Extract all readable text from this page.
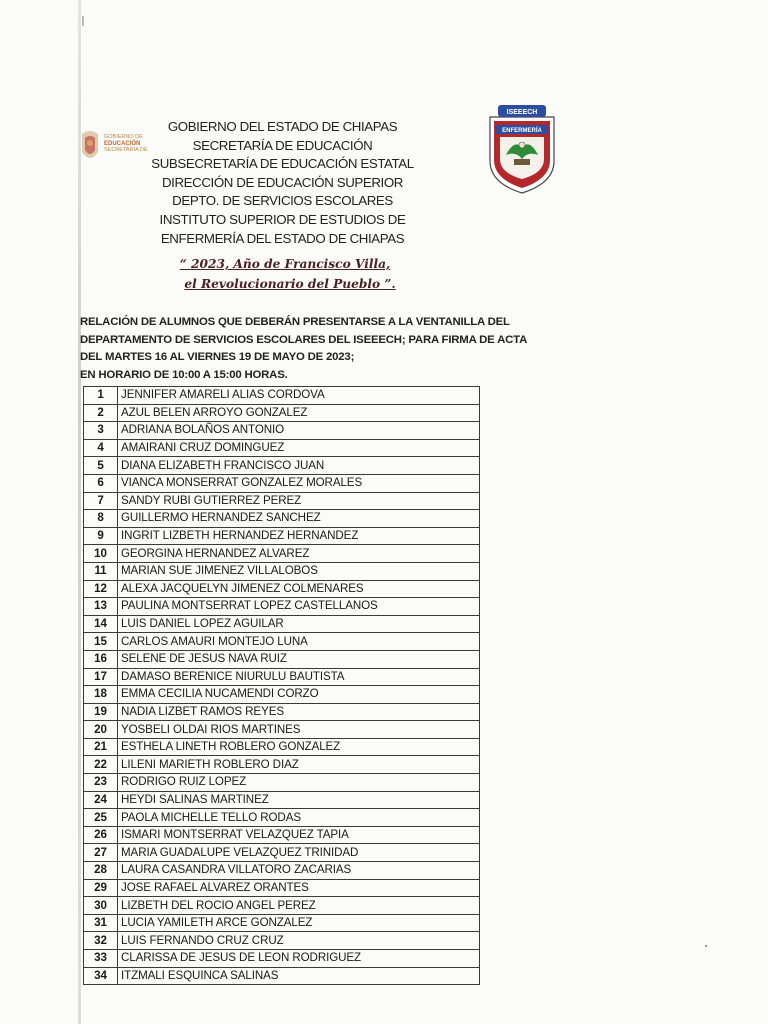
GOBIERNO DE
EDUCACIÓN
SECRETARÍA DE
GOBIERNO DEL ESTADO DE CHIAPAS
SECRETARÍA DE EDUCACIÓN
SUBSECRETARÍA DE EDUCACIÓN ESTATAL
DIRECCIÓN DE EDUCACIÓN SUPERIOR
DEPTO. DE SERVICIOS ESCOLARES
INSTITUTO SUPERIOR DE ESTUDIOS DE
ENFERMERÍA DEL ESTADO DE CHIAPAS
“ 2023, Año de Francisco Villa,
el Revolucionario del Pueblo ”.
ISEEECH
ENFERMERÍA
RELACIÓN DE ALUMNOS QUE DEBERÁN PRESENTARSE A LA VENTANILLA DEL
DEPARTAMENTO DE SERVICIOS ESCOLARES DEL ISEEECH; PARA FIRMA DE ACTA
DEL MARTES 16 AL VIERNES 19 DE MAYO DE 2023;
EN HORARIO DE 10:00 A 15:00 HORAS.
1	JENNIFER AMARELI ALIAS CORDOVA
2	AZUL BELEN ARROYO GONZALEZ
3	ADRIANA BOLAÑOS ANTONIO
4	AMAIRANI CRUZ DOMINGUEZ
5	DIANA ELIZABETH FRANCISCO JUAN
6	VIANCA MONSERRAT GONZALEZ MORALES
7	SANDY RUBI GUTIERREZ PEREZ
8	GUILLERMO HERNANDEZ SANCHEZ
9	INGRIT LIZBETH HERNANDEZ HERNANDEZ
10	GEORGINA HERNANDEZ ALVAREZ
11	MARIAN SUE JIMENEZ VILLALOBOS
12	ALEXA JACQUELYN JIMENEZ COLMENARES
13	PAULINA MONTSERRAT LOPEZ CASTELLANOS
14	LUIS DANIEL LOPEZ AGUILAR
15	CARLOS AMAURI MONTEJO LUNA
16	SELENE DE JESUS NAVA RUIZ
17	DAMASO BERENICE NIURULU BAUTISTA
18	EMMA CECILIA NUCAMENDI CORZO
19	NADIA LIZBET RAMOS REYES
20	YOSBELI OLDAI RIOS MARTINES
21	ESTHELA LINETH ROBLERO GONZALEZ
22	LILENI MARIETH ROBLERO DIAZ
23	RODRIGO RUIZ LOPEZ
24	HEYDI SALINAS MARTINEZ
25	PAOLA MICHELLE TELLO RODAS
26	ISMARI MONTSERRAT VELAZQUEZ TAPIA
27	MARIA GUADALUPE VELAZQUEZ TRINIDAD
28	LAURA CASANDRA VILLATORO ZACARIAS
29	JOSE RAFAEL ALVAREZ ORANTES
30	LIZBETH DEL ROCIO ANGEL PEREZ
31	LUCIA YAMILETH ARCE GONZALEZ
32	LUIS FERNANDO CRUZ CRUZ
33	CLARISSA DE JESUS DE LEON RODRIGUEZ
34	ITZMALI ESQUINCA SALINAS
